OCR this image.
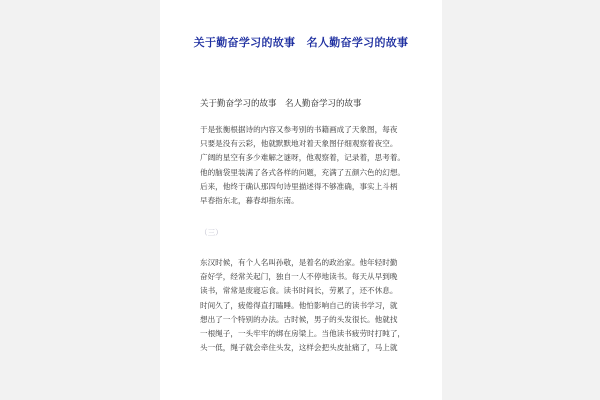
关于勤奋学习的故事　名人勤奋学习的故事
关于勤奋学习的故事　名人勤奋学习的故事
于是张衡根据诗的内容又参考别的书籍画成了天象图，每夜
只要是没有云彩，他就默默地对着天象图仔细观察着夜空。
广阔的星空有多少难解之谜呀，他观察着，记录着，思考着。
他的脑袋里装满了各式各样的问题，充满了五颜六色的幻想。
后来，他终于确认那四句诗里描述得不够准确，事实上斗柄
早春指东北，暮春却指东南。
（三）
东汉时候，有个人名叫孙敬，是着名的政治家。他年轻时勤
奋好学，经常关起门，独自一人不停地读书。每天从早到晚
读书，常常是废寝忘食。读书时间长，劳累了，还不休息。
时间久了，疲倦得直打瞌睡。他怕影响自己的读书学习，就
想出了一个特别的办法。古时候，男子的头发很长。他就找
一根绳子，一头牢牢的绑在房梁上。当他读书疲劳时打盹了，
头一低，绳子就会牵住头发，这样会把头皮扯痛了，马上就
